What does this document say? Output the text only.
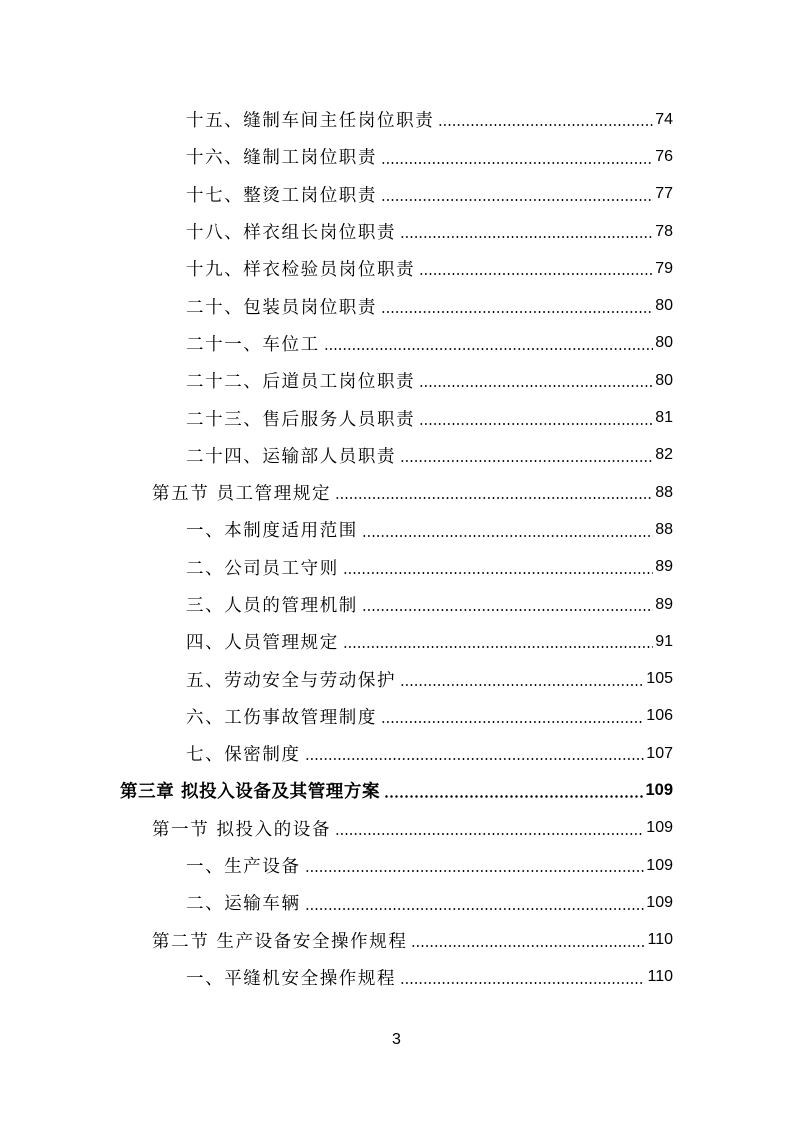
十五、缝制车间主任岗位职责	74
十六、缝制工岗位职责	76
十七、整烫工岗位职责	77
十八、样衣组长岗位职责	78
十九、样衣检验员岗位职责	79
二十、包装员岗位职责	80
二十一、车位工	80
二十二、后道员工岗位职责	80
二十三、售后服务人员职责	81
二十四、运输部人员职责	82
第五节 员工管理规定	88
一、本制度适用范围	88
二、公司员工守则	89
三、人员的管理机制	89
四、人员管理规定	91
五、劳动安全与劳动保护	105
六、工伤事故管理制度	106
七、保密制度	107
第三章 拟投入设备及其管理方案	109
第一节 拟投入的设备	109
一、生产设备	109
二、运输车辆	109
第二节 生产设备安全操作规程	110
一、平缝机安全操作规程	110
3
